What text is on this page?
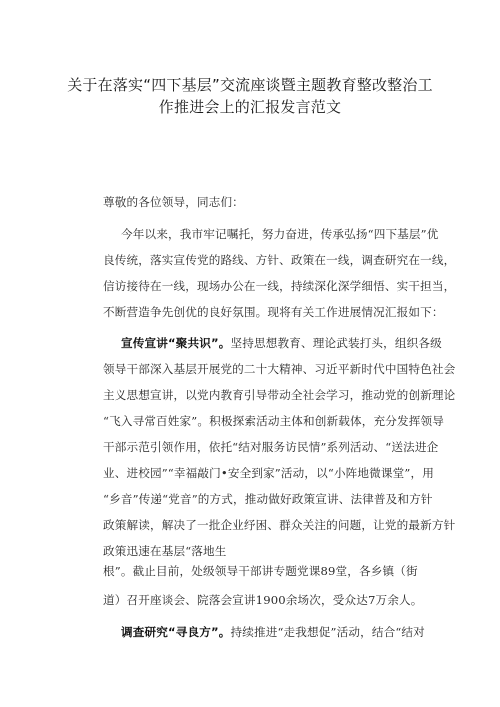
关于在落实“四下基层”交流座谈暨主题教育整改整治工
作推进会上的汇报发言范文
尊敬的各位领导，同志们：
今年以来，我市牢记嘱托，努力奋进，传承弘扬“四下基层”优
良传统，落实宣传党的路线、方针、政策在一线，调查研究在一线，
信访接待在一线，现场办公在一线，持续深化深学细悟、实干担当，
不断营造争先创优的良好氛围。现将有关工作进展情况汇报如下：
宣传宣讲“聚共识”。坚持思想教育、理论武装打头，组织各级
领导干部深入基层开展党的二十大精神、习近平新时代中国特色社会
主义思想宣讲，以党内教育引导带动全社会学习，推动党的创新理论
“飞入寻常百姓家”。积极探索活动主体和创新载体，充分发挥领导
干部示范引领作用，依托“结对服务访民情”系列活动、“送法进企
业、进校园”“幸福敲门•安全到家”活动，以“小阵地微课堂”，用
“乡音”传递“党音”的方式，推动做好政策宣讲、法律普及和方针
政策解读，解决了一批企业纾困、群众关注的问题，让党的最新方针
政策迅速在基层“落地生
根”。截止目前，处级领导干部讲专题党课89堂，各乡镇（街
道）召开座谈会、院落会宣讲1900余场次，受众达7万余人。
调查研究“寻良方”。持续推进“走我想促”活动，结合“结对
